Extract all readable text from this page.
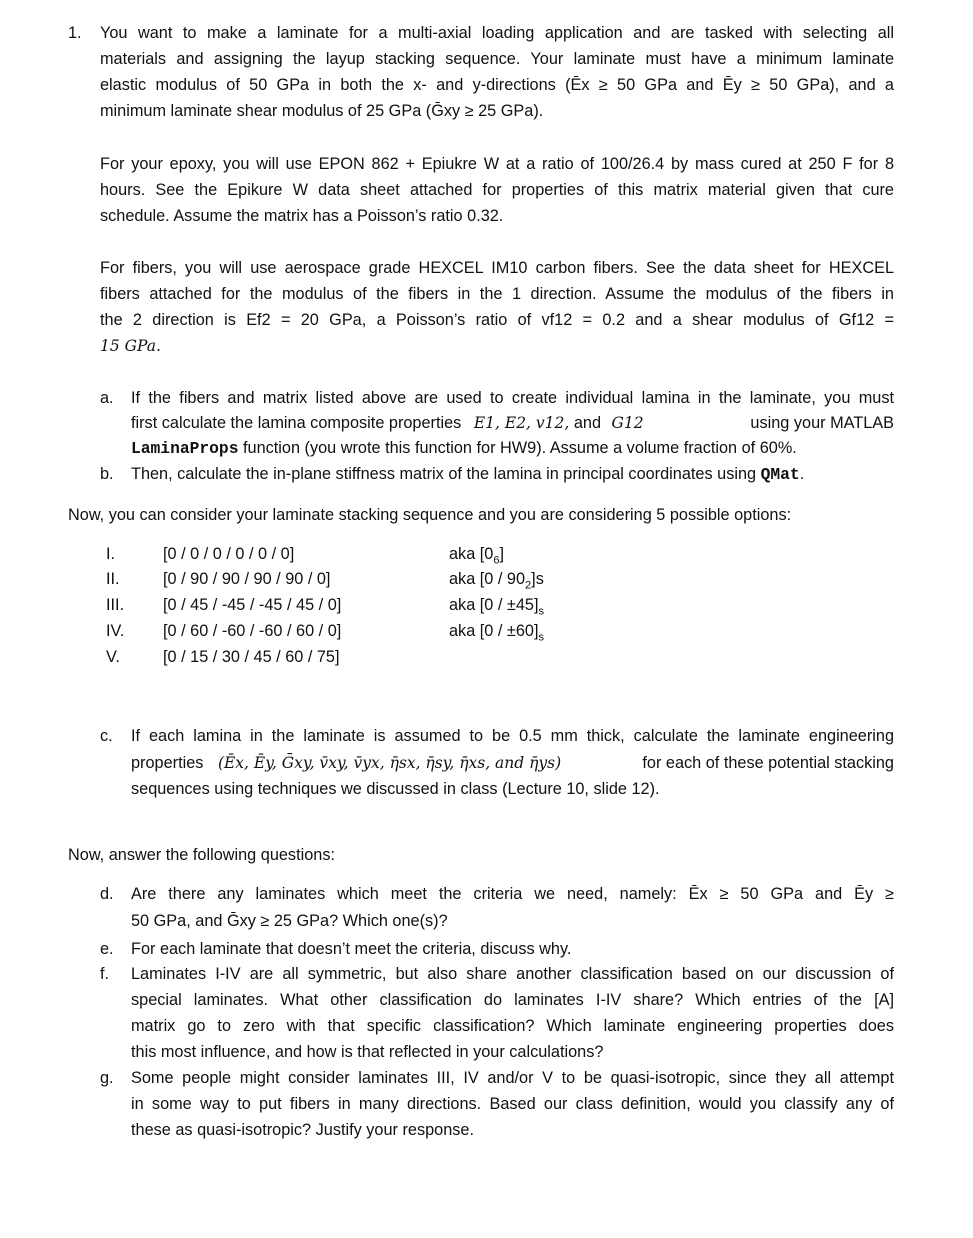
1. You want to make a laminate for a multi-axial loading application and are tasked with selecting all
materials and assigning the layup stacking sequence. Your laminate must have a minimum laminate
elastic modulus of 50 GPa in both the x- and y-directions (Ēx ≥ 50 GPa and Ēy ≥ 50 GPa), and a
minimum laminate shear modulus of 25 GPa (Ḡxy ≥ 25 GPa).
For your epoxy, you will use EPON 862 + Epiukre W at a ratio of 100/26.4 by mass cured at 250 F for 8
hours. See the Epikure W data sheet attached for properties of this matrix material given that cure
schedule. Assume the matrix has a Poisson’s ratio 0.32.
For fibers, you will use aerospace grade HEXCEL IM10 carbon fibers. See the data sheet for HEXCEL
fibers attached for the modulus of the fibers in the 1 direction. Assume the modulus of the fibers in
the 2 direction is Ef2 = 20 GPa, a Poisson’s ratio of vf12 = 0.2 and a shear modulus of Gf12 =
15 GPa.
a. If the fibers and matrix listed above are used to create individual lamina in the laminate, you must
first calculate the lamina composite properties E1, E2, v12, and G12	using your MATLAB
LaminaProps function (you wrote this function for HW9). Assume a volume fraction of 60%.
b. Then, calculate the in-plane stiffness matrix of the lamina in principal coordinates using QMat.
Now, you can consider your laminate stacking sequence and you are considering 5 possible options:
I.	[0 / 0 / 0 / 0 / 0 / 0]	aka $[0_6]$
II.	[0 / 90 / 90 / 90 / 90 / 0]	aka $[0 / 90_2]s$
III. [0 / 45 / -45 / -45 / 45 / 0]	aka $[0 / \pm 45]_s$
IV. [0 / 60 / -60 / -60 / 60 / 0]	aka $[0 / \pm 60]_s$
V.	[0 / 15 / 30 / 45 / 60 / 75]
c. If each lamina in the laminate is assumed to be 0.5 mm thick, calculate the laminate engineering
properties (Ēx, Ēy, Ḡxy, v̄xy, v̄yx, η̄sx, η̄sy, η̄xs, and η̄ys)	for each of these potential stacking
sequences using techniques we discussed in class (Lecture 10, slide 12).
Now, answer the following questions:
d. Are there any laminates which meet the criteria we need, namely: Ēx ≥ 50 GPa and Ēy ≥
50 GPa, and Ḡxy ≥ 25 GPa? Which one(s)?
e. For each laminate that doesn’t meet the criteria, discuss why.
f. Laminates I-IV are all symmetric, but also share another classification based on our discussion of
special laminates. What other classification do laminates I-IV share? Which entries of the [A]
matrix go to zero with that specific classification? Which laminate engineering properties does
this most influence, and how is that reflected in your calculations?
g. Some people might consider laminates III, IV and/or V to be quasi-isotropic, since they all attempt
in some way to put fibers in many directions. Based our class definition, would you classify any of
these as quasi-isotropic? Justify your response.
